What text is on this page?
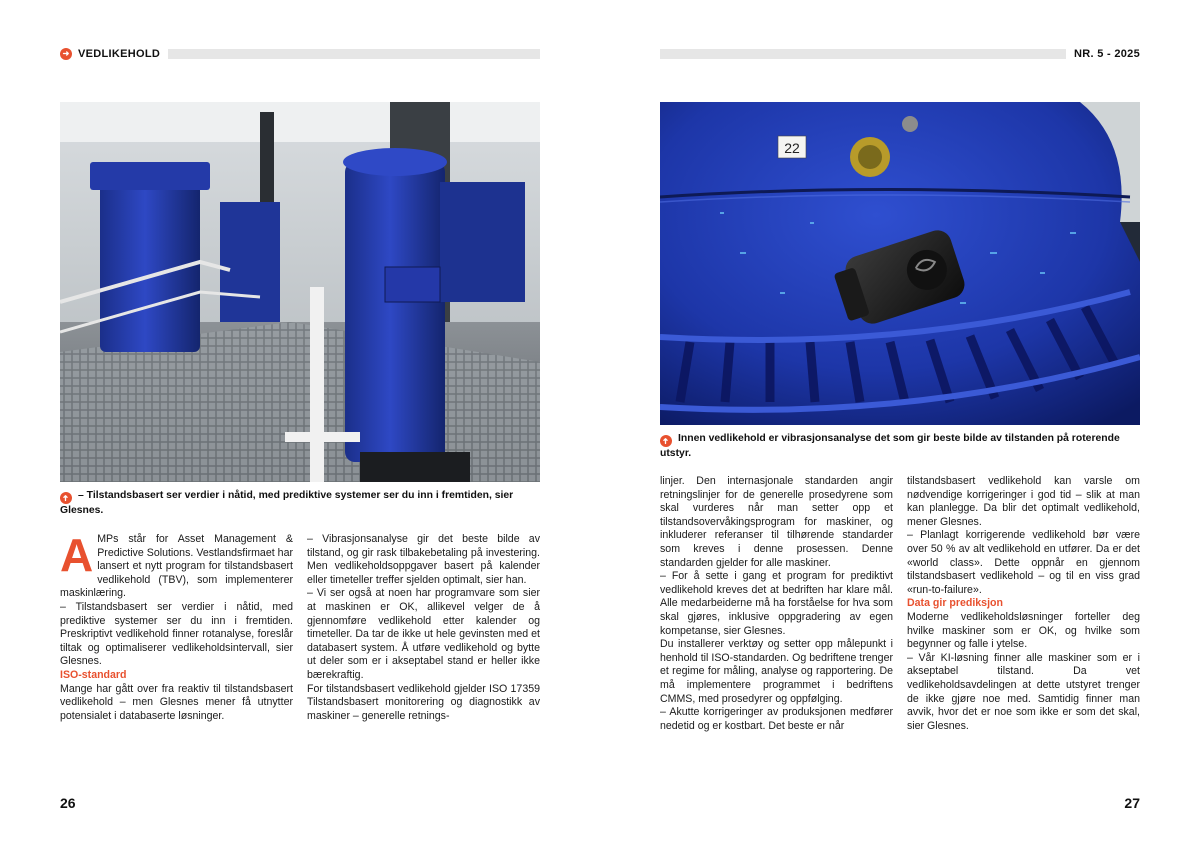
➜ VEDLIKEHOLD
➜ – Tilstandsbasert ser verdier i nåtid, med prediktive systemer ser du inn i fremtiden, sier Glesnes.

A MPs står for Asset Management & Predictive Solutions. Vestlandsfirmaet har lansert et nytt program for tilstandsbasert vedlikehold (TBV), som implementerer maskinlæring.

– Tilstandsbasert ser verdier i nåtid, med prediktive systemer ser du inn i fremtiden. Preskriptivt vedlikehold finner rotanalyse, foreslår tiltak og optimaliserer vedlikeholdsintervall, sier Glesnes.

ISO-standard

Mange har gått over fra reaktiv til tilstandsbasert vedlikehold – men Glesnes mener få utnytter potensialet i databaserte løsninger.

– Vibrasjonsanalyse gir det beste bilde av tilstand, og gir rask tilbakebetaling på investering. Men vedlikeholdsoppgaver basert på kalender eller timeteller treffer sjelden optimalt, sier han.

– Vi ser også at noen har programvare som sier at maskinen er OK, allikevel velger de å gjennomføre vedlikehold etter kalender og timeteller. Da tar de ikke ut hele gevinsten med et databasert system. Å utføre vedlikehold og bytte ut deler som er i akseptabel stand er heller ikke bærekraftig.

For tilstandsbasert vedlikehold gjelder ISO 17359 Tilstandsbasert monitorering og diagnostikk av maskiner – generelle retnings-

26
NR. 5 - 2025
22
➜ Innen vedlikehold er vibrasjonsanalyse det som gir beste bilde av tilstanden på roterende utstyr.

linjer. Den internasjonale standarden angir retningslinjer for de generelle prosedyrene som skal vurderes når man setter opp et tilstandsovervåkingsprogram for maskiner, og inkluderer referanser til tilhørende standarder som kreves i denne prosessen. Denne standarden gjelder for alle maskiner.

– For å sette i gang et program for prediktivt vedlikehold kreves det at bedriften har klare mål. Alle medarbeiderne må ha forståelse for hva som skal gjøres, inklusive oppgradering av egen kompetanse, sier Glesnes.

Du installerer verktøy og setter opp målepunkt i henhold til ISO-standarden. Og bedriftene trenger et regime for måling, analyse og rapportering. De må implementere programmet i bedriftens CMMS, med prosedyrer og oppfølging.

– Akutte korrigeringer av produksjonen medfører nedetid og er kostbart. Det beste er når

tilstandsbasert vedlikehold kan varsle om nødvendige korrigeringer i god tid – slik at man kan planlegge. Da blir det optimalt vedlikehold, mener Glesnes.

– Planlagt korrigerende vedlikehold bør være over 50 % av alt vedlikehold en utfører. Da er det «world class». Dette oppnår en gjennom tilstandsbasert vedlikehold – og til en viss grad «run-to-failure».

Data gir prediksjon

Moderne vedlikeholdsløsninger forteller deg hvilke maskiner som er OK, og hvilke som begynner og falle i ytelse.

– Vår KI-løsning finner alle maskiner som er i akseptabel tilstand. Da vet vedlikeholdsavdelingen at dette utstyret trenger de ikke gjøre noe med. Samtidig finner man avvik, hvor det er noe som ikke er som det skal, sier Glesnes.

27
